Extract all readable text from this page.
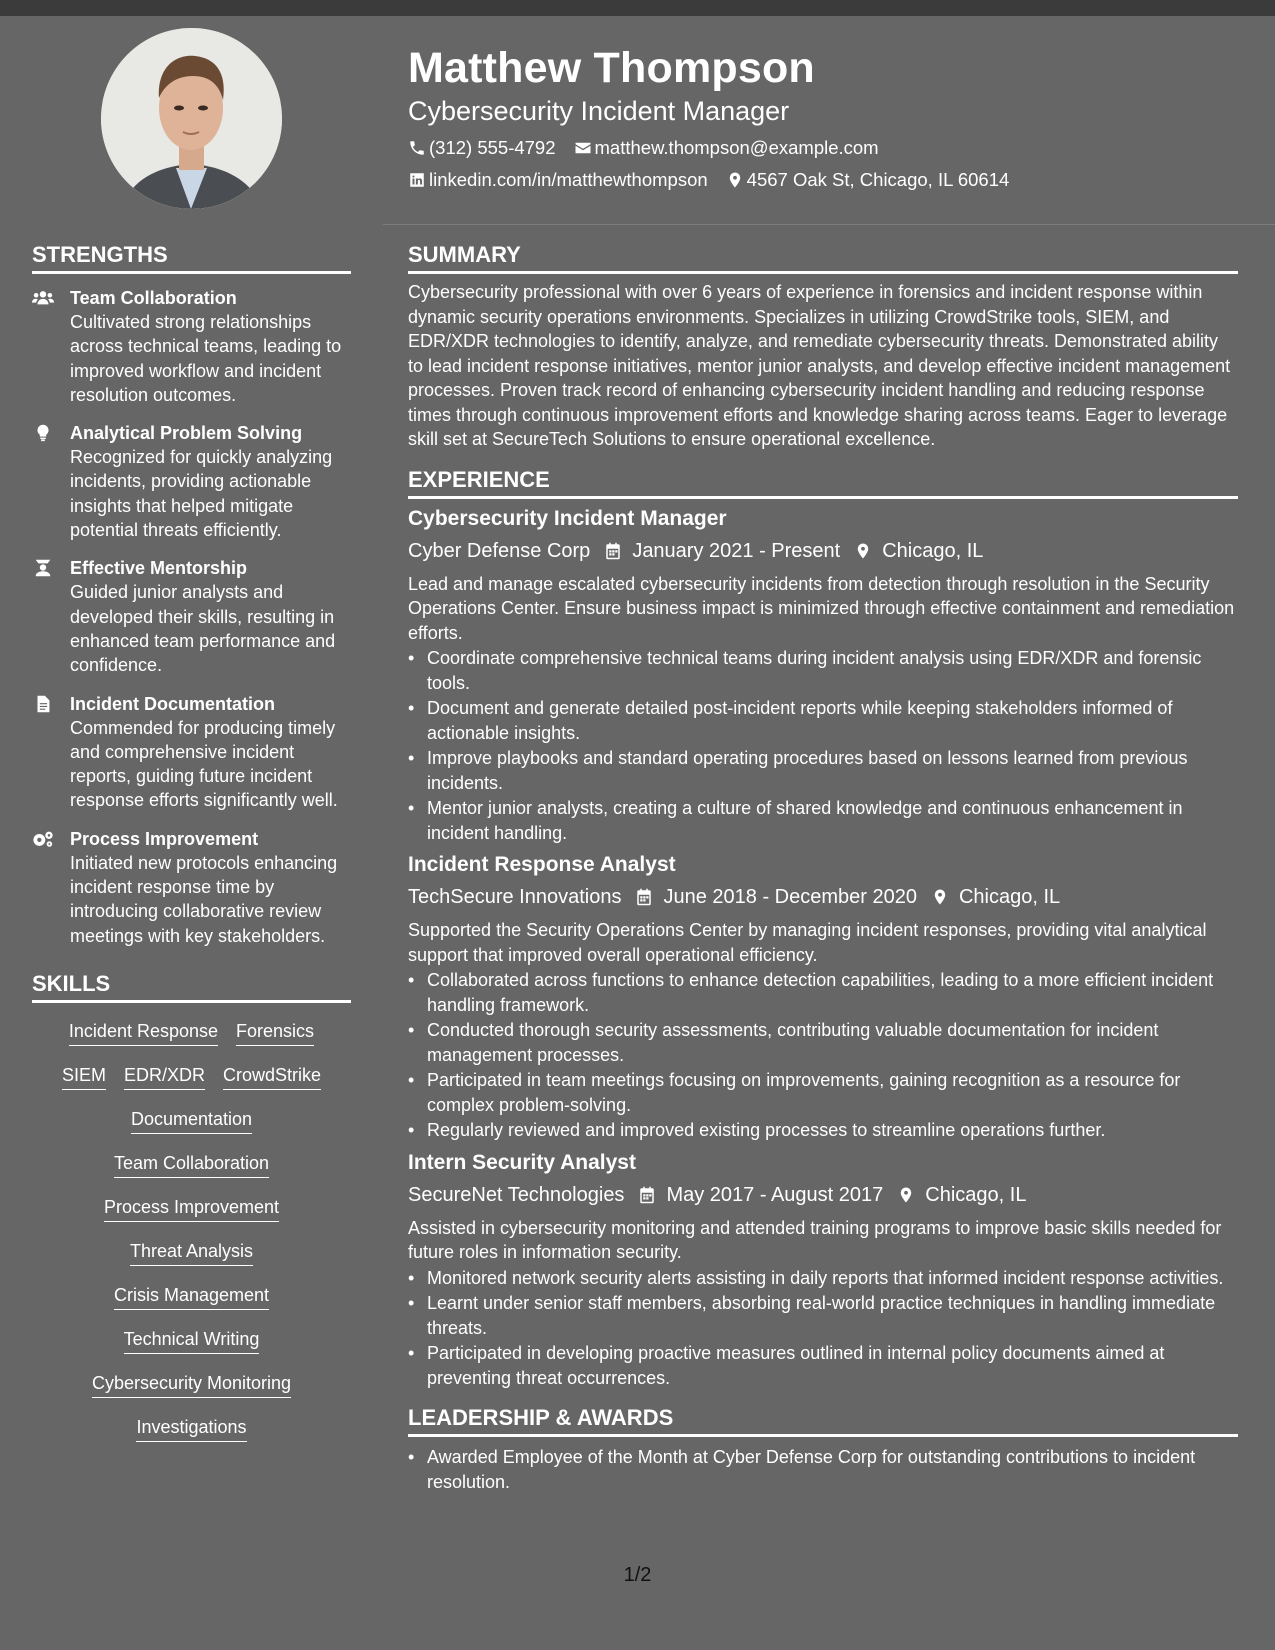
Matthew Thompson
Cybersecurity Incident Manager
(312) 555-4792 matthew.thompson@example.com
linkedin.com/in/matthewthompson 4567 Oak St, Chicago, IL 60614
STRENGTHS
Team Collaboration
Cultivated strong relationships across technical teams, leading to improved workflow and incident resolution outcomes.
Analytical Problem Solving
Recognized for quickly analyzing incidents, providing actionable insights that helped mitigate potential threats efficiently.
Effective Mentorship
Guided junior analysts and developed their skills, resulting in enhanced team performance and confidence.
Incident Documentation
Commended for producing timely and comprehensive incident reports, guiding future incident response efforts significantly well.
Process Improvement
Initiated new protocols enhancing incident response time by introducing collaborative review meetings with key stakeholders.
SKILLS
Incident Response Forensics
SIEM EDR/XDR CrowdStrike
Documentation
Team Collaboration
Process Improvement
Threat Analysis
Crisis Management
Technical Writing
Cybersecurity Monitoring
Investigations
SUMMARY
Cybersecurity professional with over 6 years of experience in forensics and incident response within dynamic security operations environments. Specializes in utilizing CrowdStrike tools, SIEM, and EDR/XDR technologies to identify, analyze, and remediate cybersecurity threats. Demonstrated ability to lead incident response initiatives, mentor junior analysts, and develop effective incident management processes. Proven track record of enhancing cybersecurity incident handling and reducing response times through continuous improvement efforts and knowledge sharing across teams. Eager to leverage skill set at SecureTech Solutions to ensure operational excellence.
EXPERIENCE
Cybersecurity Incident Manager
Cyber Defense Corp January 2021 - Present Chicago, IL
Lead and manage escalated cybersecurity incidents from detection through resolution in the Security Operations Center. Ensure business impact is minimized through effective containment and remediation efforts.
• Coordinate comprehensive technical teams during incident analysis using EDR/XDR and forensic tools.
• Document and generate detailed post-incident reports while keeping stakeholders informed of actionable insights.
• Improve playbooks and standard operating procedures based on lessons learned from previous incidents.
• Mentor junior analysts, creating a culture of shared knowledge and continuous enhancement in incident handling.
Incident Response Analyst
TechSecure Innovations June 2018 - December 2020 Chicago, IL
Supported the Security Operations Center by managing incident responses, providing vital analytical support that improved overall operational efficiency.
• Collaborated across functions to enhance detection capabilities, leading to a more efficient incident handling framework.
• Conducted thorough security assessments, contributing valuable documentation for incident management processes.
• Participated in team meetings focusing on improvements, gaining recognition as a resource for complex problem-solving.
• Regularly reviewed and improved existing processes to streamline operations further.
Intern Security Analyst
SecureNet Technologies May 2017 - August 2017 Chicago, IL
Assisted in cybersecurity monitoring and attended training programs to improve basic skills needed for future roles in information security.
• Monitored network security alerts assisting in daily reports that informed incident response activities.
• Learnt under senior staff members, absorbing real-world practice techniques in handling immediate threats.
• Participated in developing proactive measures outlined in internal policy documents aimed at preventing threat occurrences.
LEADERSHIP & AWARDS
• Awarded Employee of the Month at Cyber Defense Corp for outstanding contributions to incident resolution.
1/2
